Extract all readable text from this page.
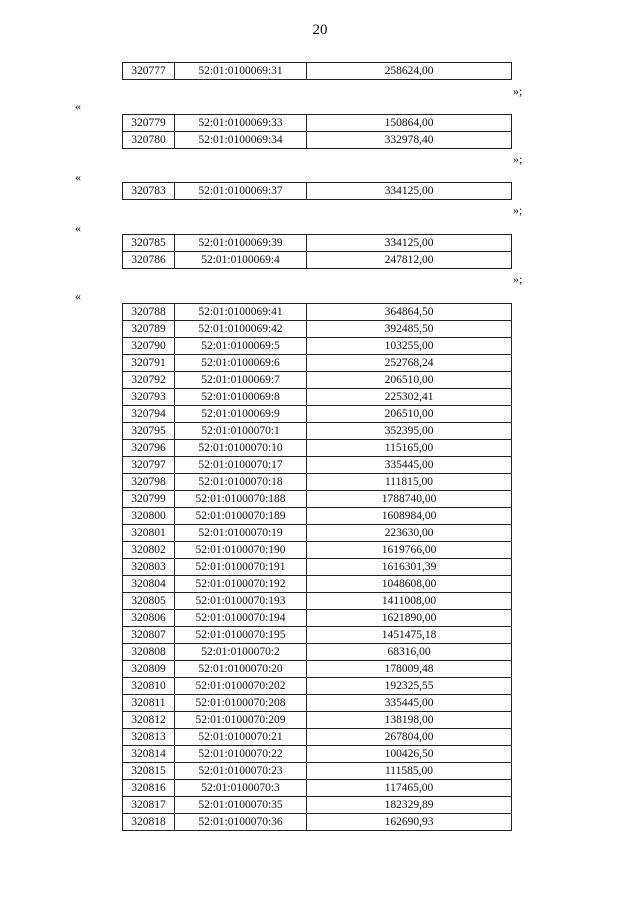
20
320777	52:01:0100069:31	258624,00
»;
«
320779	52:01:0100069:33	150864,00
320780	52:01:0100069:34	332978,40
»;
«
320783	52:01:0100069:37	334125,00
»;
«
320785	52:01:0100069:39	334125,00
320786	52:01:0100069:4	247812,00
»;
«
320788	52:01:0100069:41	364864,50
320789	52:01:0100069:42	392485,50
320790	52:01:0100069:5	103255,00
320791	52:01:0100069:6	252768,24
320792	52:01:0100069:7	206510,00
320793	52:01:0100069:8	225302,41
320794	52:01:0100069:9	206510,00
320795	52:01:0100070:1	352395,00
320796	52:01:0100070:10	115165,00
320797	52:01:0100070:17	335445,00
320798	52:01:0100070:18	111815,00
320799	52:01:0100070:188	1788740,00
320800	52:01:0100070:189	1608984,00
320801	52:01:0100070:19	223630,00
320802	52:01:0100070:190	1619766,00
320803	52:01:0100070:191	1616301,39
320804	52:01:0100070:192	1048608,00
320805	52:01:0100070:193	1411008,00
320806	52:01:0100070:194	1621890,00
320807	52:01:0100070:195	1451475,18
320808	52:01:0100070:2	68316,00
320809	52:01:0100070:20	178009,48
320810	52:01:0100070:202	192325,55
320811	52:01:0100070:208	335445,00
320812	52:01:0100070:209	138198,00
320813	52:01:0100070:21	267804,00
320814	52:01:0100070:22	100426,50
320815	52:01:0100070:23	111585,00
320816	52:01:0100070:3	117465,00
320817	52:01:0100070:35	182329,89
320818	52:01:0100070:36	162690,93
